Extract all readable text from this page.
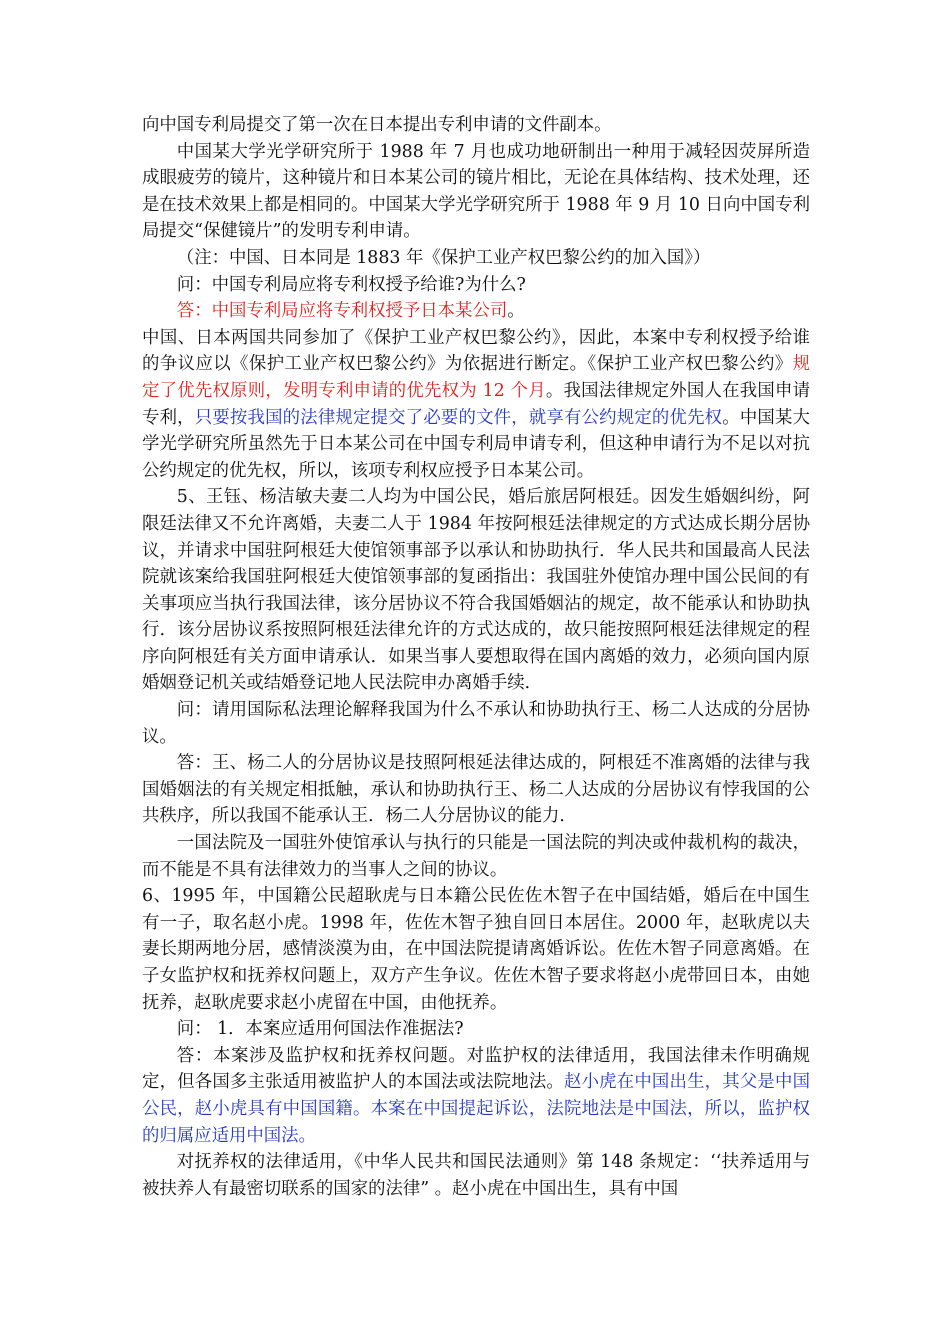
向中国专利局提交了第一次在日本提出专利申请的文件副本。

中国某大学光学研究所于 1988 年 7 月也成功地研制出一种用于减轻因荧屏所造成眼疲劳的镜片，这种镜片和日本某公司的镜片相比，无论在具体结构、技术处理，还是在技术效果上都是相同的。中国某大学光学研究所于 1988 年 9 月 10 日向中国专利局提交“保健镜片”的发明专利申请。

（注：中国、日本同是 1883 年《保护工业产权巴黎公约的加入国》）

问：中国专利局应将专利权授予给谁?为什么?

答：中国专利局应将专利权授予日本某公司。

中国、日本两国共同参加了《保护工业产权巴黎公约》，因此，本案中专利权授予给谁的争议应以《保护工业产权巴黎公约》为依据进行断定。《保护工业产权巴黎公约》规定了优先权原则，发明专利申请的优先权为 12 个月。我国法律规定外国人在我国申请专利，只要按我国的法律规定提交了必要的文件，就享有公约规定的优先权。中国某大学光学研究所虽然先于日本某公司在中国专利局申请专利，但这种申请行为不足以对抗公约规定的优先权，所以，该项专利权应授予日本某公司。

5、王钰、杨洁敏夫妻二人均为中国公民，婚后旅居阿根廷。因发生婚姻纠纷，阿限廷法律又不允许离婚，夫妻二人于 1984 年按阿根廷法律规定的方式达成长期分居协议，并请求中国驻阿根廷大使馆领事部予以承认和协助执行．华人民共和国最高人民法院就该案给我国驻阿根廷大使馆领事部的复函指出：我国驻外使馆办理中国公民间的有关事项应当执行我国法律，该分居协议不符合我国婚姻沾的规定，故不能承认和协助执行．该分居协议系按照阿根廷法律允许的方式达成的，故只能按照阿根廷法律规定的程序向阿根廷有关方面申请承认．如果当事人要想取得在国内离婚的效力，必须向国内原婚姻登记机关或结婚登记地人民法院申办离婚手续．

问：请用国际私法理论解释我国为什么不承认和协助执行王、杨二人达成的分居协议。

答：王、杨二人的分居协议是技照阿根延法律达成的，阿根廷不准离婚的法律与我国婚姻法的有关规定相抵触，承认和协助执行王、杨二人达成的分居协议有悖我国的公共秩序，所以我国不能承认王．杨二人分居协议的能力．

一国法院及一国驻外使馆承认与执行的只能是一国法院的判决或仲裁机构的裁决，而不能是不具有法律效力的当事人之间的协议。

6、1995 年，中国籍公民超耿虎与日本籍公民佐佐木智子在中国结婚，婚后在中国生有一子，取名赵小虎。1998 年，佐佐木智子独自回日本居住。2000 年，赵耿虎以夫妻长期两地分居，感情淡漠为由，在中国法院提请离婚诉讼。佐佐木智子同意离婚。在子女监护权和抚养权问题上，双方产生争议。佐佐木智子要求将赵小虎带回日本，由她抚养，赵耿虎要求赵小虎留在中国，由他抚养。

问： 1．本案应适用何国法作准据法?

答：本案涉及监护权和抚养权问题。对监护权的法律适用，我国法律未作明确规定，但各国多主张适用被监护人的本国法或法院地法。赵小虎在中国出生，其父是中国公民，赵小虎具有中国国籍。本案在中国提起诉讼，法院地法是中国法，所以，监护权的归属应适用中国法。

对抚养权的法律适用，《中华人民共和国民法通则》第 148 条规定：‘‘扶养适用与被扶养人有最密切联系的国家的法律” 。赵小虎在中国出生，具有中国
